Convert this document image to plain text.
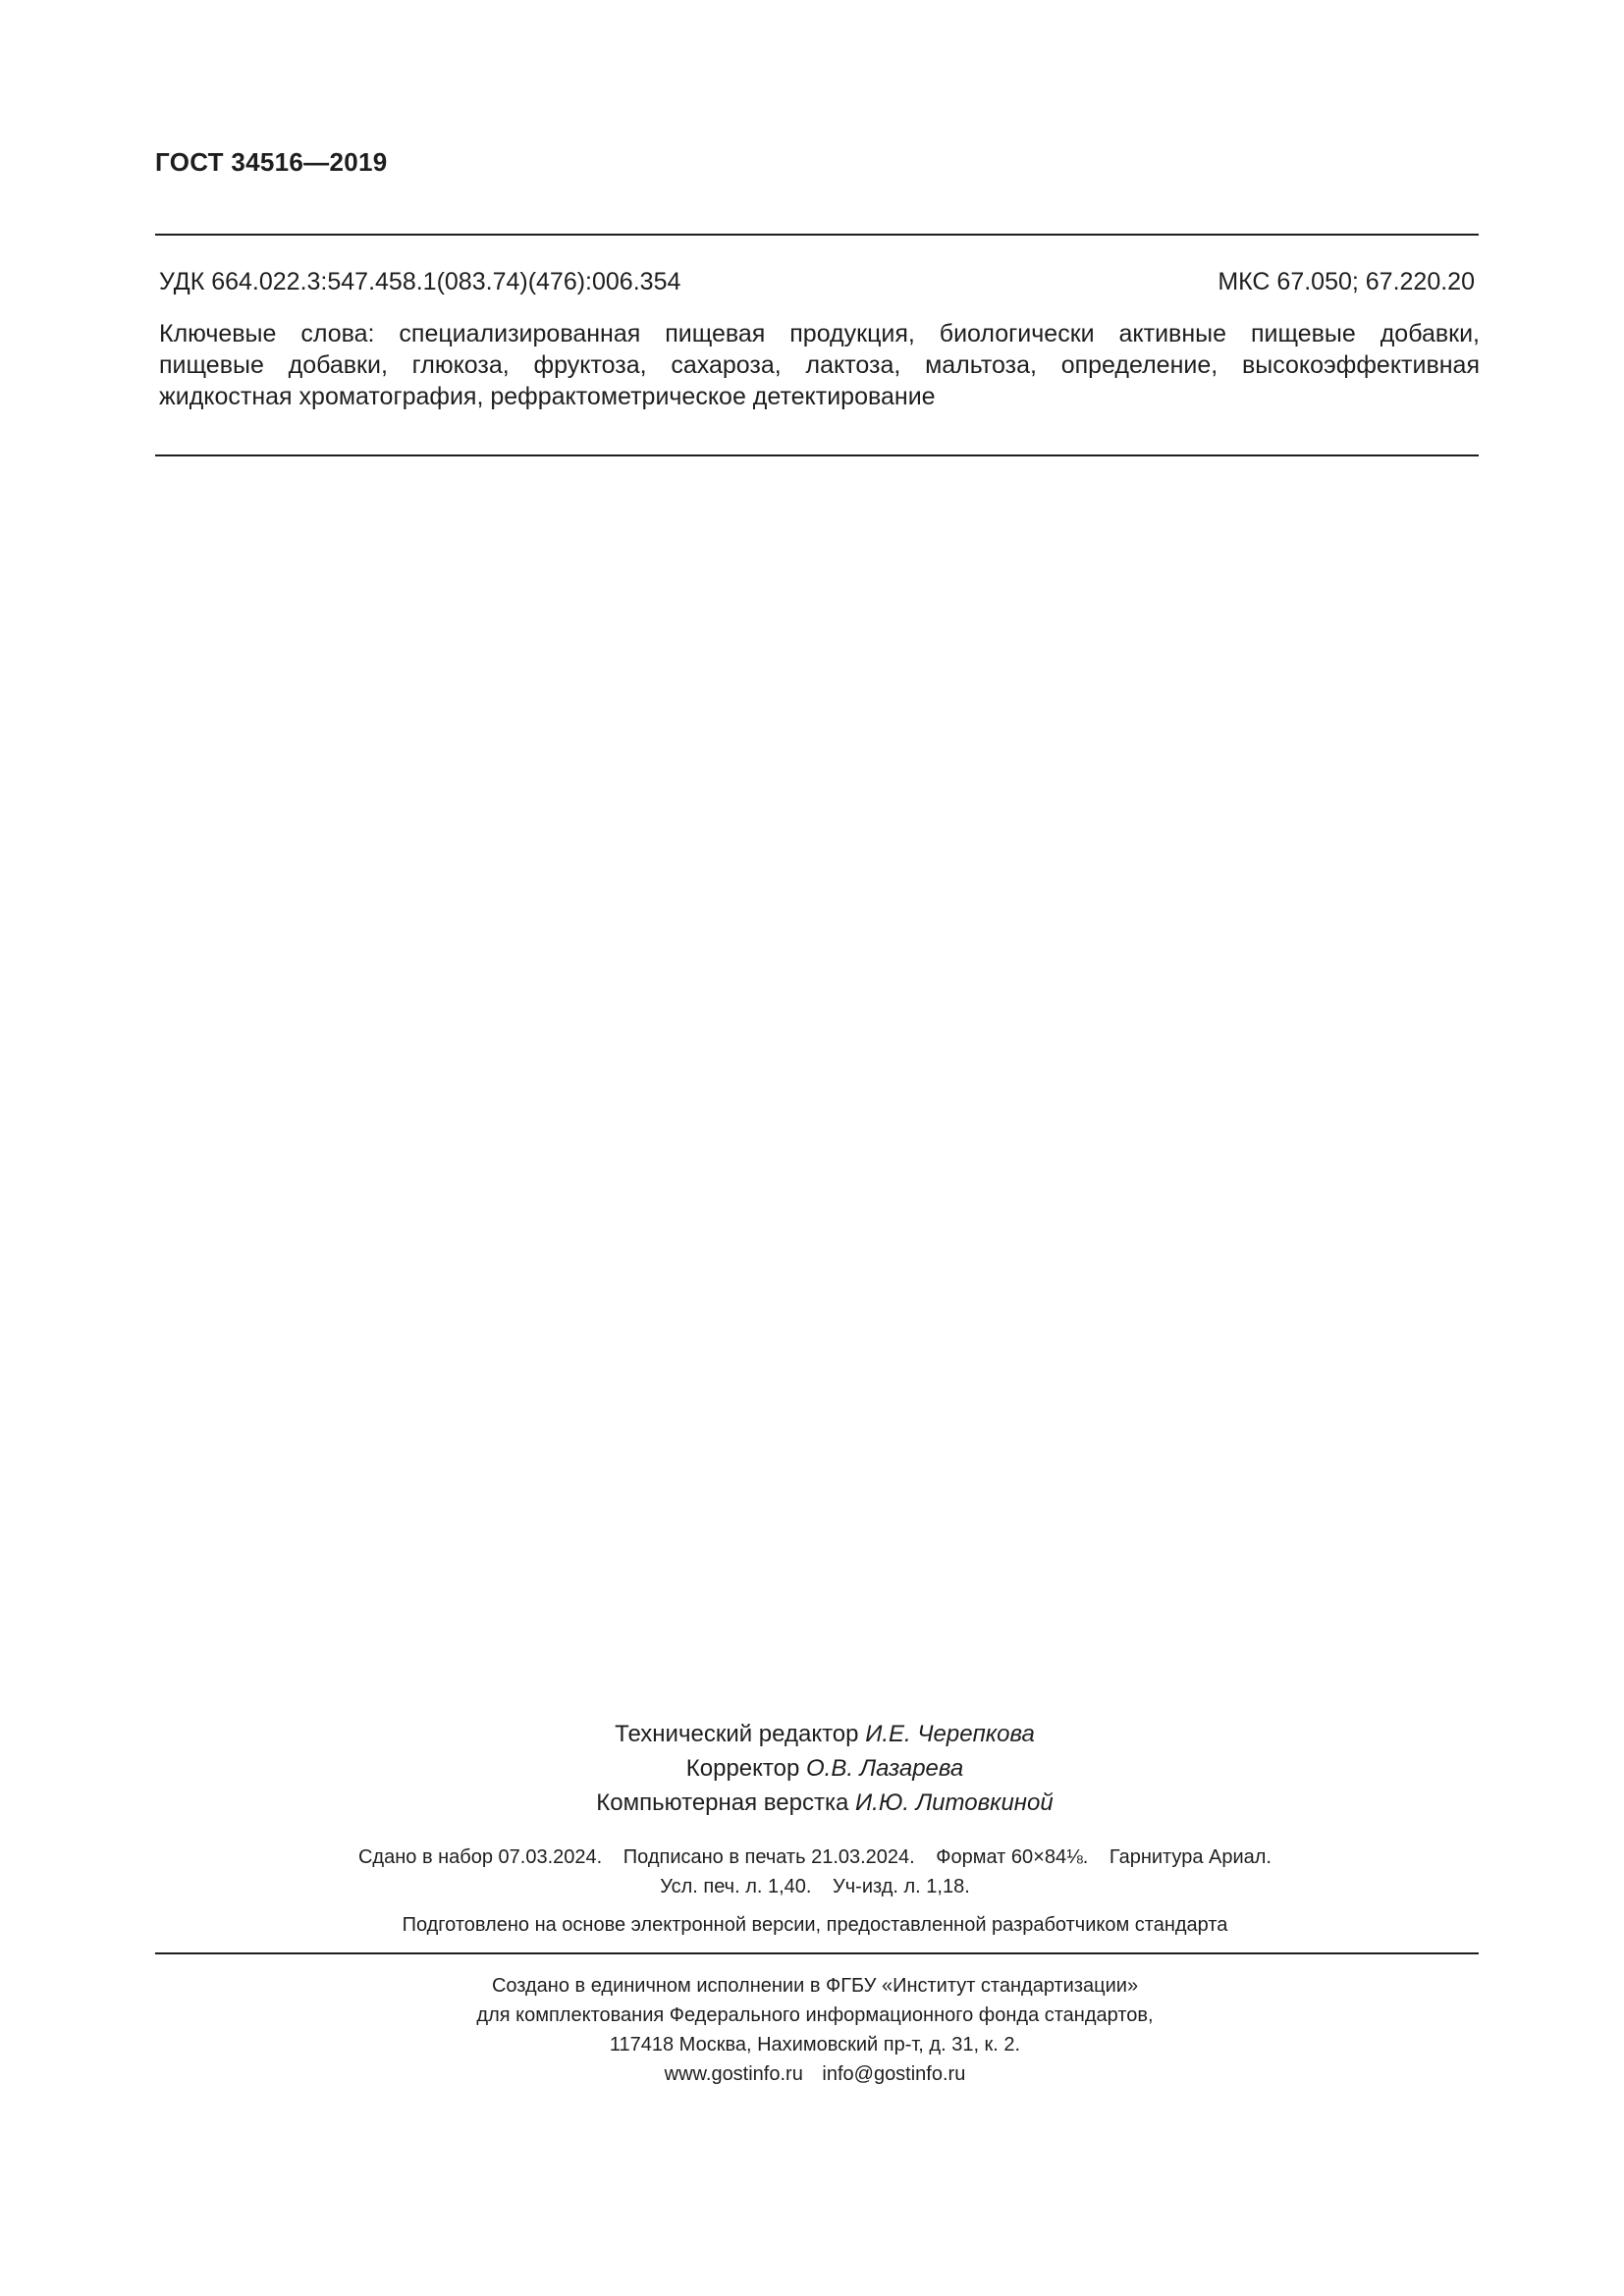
ГОСТ 34516—2019
УДК 664.022.3:547.458.1(083.74)(476):006.354	МКС 67.050; 67.220.20
Ключевые слова: специализированная пищевая продукция, биологически активные пищевые добавки,
пищевые добавки, глюкоза, фруктоза, сахароза, лактоза, мальтоза, определение, высокоэффективная
жидкостная хроматография, рефрактометрическое детектирование
Технический редактор И.Е. Черепкова
Корректор О.В. Лазарева
Компьютерная верстка И.Ю. Литовкиной
Сдано в набор 07.03.2024. Подписано в печать 21.03.2024. Формат 60×84⅛. Гарнитура Ариал.
Усл. печ. л. 1,40. Уч-изд. л. 1,18.
Подготовлено на основе электронной версии, предоставленной разработчиком стандарта
Создано в единичном исполнении в ФГБУ «Институт стандартизации»
для комплектования Федерального информационного фонда стандартов,
117418 Москва, Нахимовский пр-т, д. 31, к. 2.
www.gostinfo.ru info@gostinfo.ru
